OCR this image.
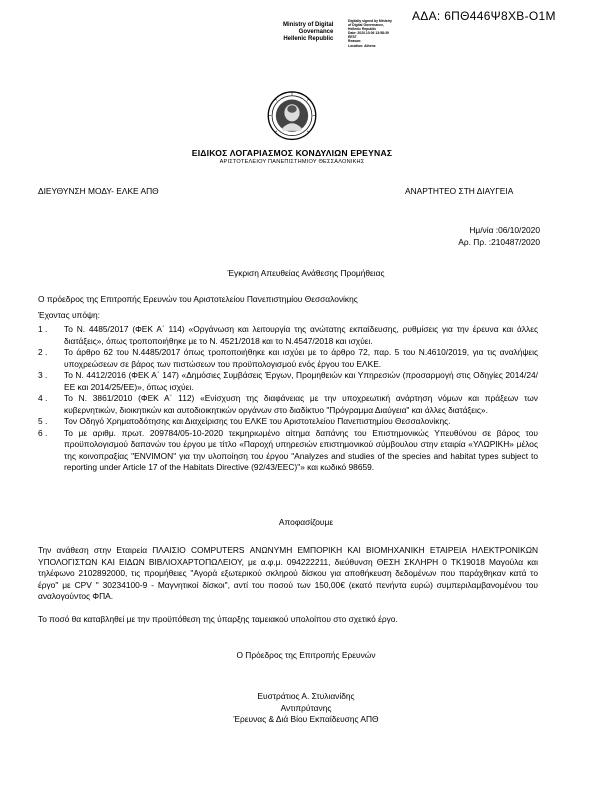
ΑΔΑ: 6ΠΘ446Ψ8ΧΒ-Ο1Μ
Ministry of Digital
Governance
Hellenic Republic
Digitally signed by Ministry
of Digital Governance,
Hellenic Republic
Date: 2020.10.06 13:58:39
EEST
Reason:
Location: Athens
ΕΙΔΙΚΟΣ ΛΟΓΑΡΙΑΣΜΟΣ ΚΟΝΔΥΛΙΩΝ ΕΡΕΥΝΑΣ
ΑΡΙΣΤΟΤΕΛΕΙΟΥ ΠΑΝΕΠΙΣΤΗΜΙΟΥ ΘΕΣΣΑΛΟΝΙΚΗΣ
ΔΙΕΥΘΥΝΣΗ ΜΟΔΥ- ΕΛΚΕ ΑΠΘ	ΑΝΑΡΤΗΤΕΟ ΣΤΗ ΔΙΑΥΓΕΙΑ
Ημ/νία :06/10/2020
Αρ. Πρ. :210487/2020
Έγκριση Απευθείας Ανάθεσης Προμήθειας
Ο πρόεδρος της Επιτροπής Ερευνών του Αριστοτελείου Πανεπιστημίου Θεσσαλονίκης
Έχοντας υπόψη:
1 . Το Ν. 4485/2017 (ΦΕΚ Α΄ 114) «Οργάνωση και λειτουργία της ανώτατης εκπαίδευσης, ρυθμίσεις για την έρευνα και άλλες διατάξεις», όπως τροποποιήθηκε με το Ν. 4521/2018 και το Ν.4547/2018 και ισχύει.
2 . Το άρθρο 62 του Ν.4485/2017 όπως τροποποιήθηκε και ισχύει με το άρθρο 72, παρ. 5 του Ν.4610/2019, για τις αναλήψεις υποχρεώσεων σε βάρος των πιστώσεων του προϋπολογισμού ενός έργου του ΕΛΚΕ.
3 . Το Ν. 4412/2016 (ΦΕΚ Α΄ 147) «Δημόσιες Συμβάσεις Έργων, Προμηθειών και Υπηρεσιών (προσαρμογή στις Οδηγίες 2014/24/ΕΕ και 2014/25/ΕΕ)», όπως ισχύει.
4 . Το Ν. 3861/2010 (ΦΕΚ Α΄ 112) «Ενίσχυση της διαφάνειας με την υποχρεωτική ανάρτηση νόμων και πράξεων των κυβερνητικών, διοικητικών και αυτοδιοικητικών οργάνων στο διαδίκτυο "Πρόγραμμα Διαύγεια" και άλλες διατάξεις».
5 . Τον Οδηγό Χρηματοδότησης και Διαχείρισης του ΕΛΚΕ του Αριστοτελείου Πανεπιστημίου Θεσσαλονίκης.
6 . Το με αριθμ. πρωτ. 209784/05-10-2020 τεκμηριωμένο αίτημα δαπάνης του Επιστημονικώς Υπευθύνου σε βάρος του προϋπολογισμού δαπανών του έργου με τίτλο «Παροχή υπηρεσιών επιστημονικού σύμβουλου στην εταιρία «ΥΛΩΡΙΚΗ» μέλος της κοινοπραξίας "ENVIMON" για την υλοποίηση του έργου "Analyzes and studies of the species and habitat types subject to reporting under Article 17 of the Habitats Directive (92/43/EEC)"» και κωδικό 98659.
Αποφασίζουμε
Την ανάθεση στην Εταιρεία ΠΛΑΙΣΙΟ COMPUTERS ΑΝΩΝΥΜΗ ΕΜΠΟΡΙΚΗ ΚΑΙ ΒΙΟΜΗΧΑΝΙΚΗ ΕΤΑΙΡΕΙΑ ΗΛΕΚΤΡΟΝΙΚΩΝ ΥΠΟΛΟΓΙΣΤΩΝ ΚΑΙ ΕΙΔΩΝ ΒΙΒΛΙΟΧΑΡΤΟΠΩΛΕΙΟΥ, με α.φ.μ. 094222211, διεύθυνση ΘΕΣΗ ΣΚΛΗΡΗ 0 ΤΚ19018 Μαγούλα και τηλέφωνο 2102892000, τις προμήθειες "Αγορά εξωτερικού σκληρού δίσκου για αποθήκευση δεδομένων που παράχθηκαν κατά το έργο" με CPV " 30234100-9 - Μαγνητικοί δίσκοι", αντί του ποσού των 150,00€ (εκατό πενήντα ευρώ) συμπεριλαμβανομένου του αναλογούντος ΦΠΑ.
Το ποσό θα καταβληθεί με την προϋπόθεση της ύπαρξης ταμειακού υπολοίπου στο σχετικό έργο.
Ο Πρόεδρος της Επιτροπής Ερευνών
Ευστράτιος Α. Στυλιανίδης
Αντιπρύτανης
Έρευνας & Διά Βίου Εκπαίδευσης ΑΠΘ
